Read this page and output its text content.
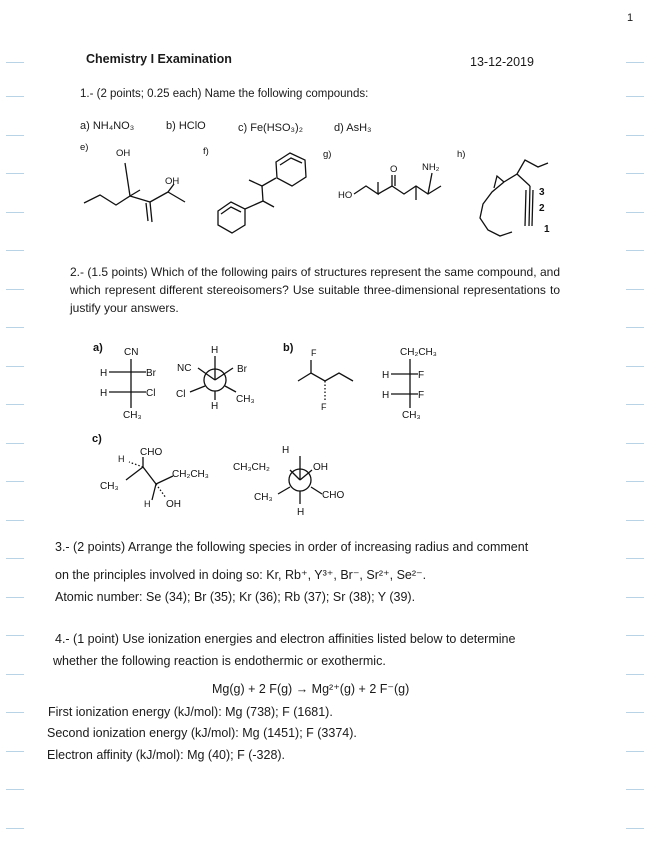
1
Chemistry I Examination	13-12-2019
1.- (2 points; 0.25 each) Name the following compounds:
a) NH₄NO₃	b) HClO	c) Fe(HSO₃)₂	d) AsH₃
e)
OH
OH
f)	g)
HO
O	NH₂
h)
3
2
1
2.- (1.5 points) Which of the following pairs of structures represent the same compound, and which represent different stereoisomers? Use suitable three-dimensional representations to justify your answers.
a) CN
H	Br
H	Cl
CH₃
NC
H
Br
Cl	CH₃
H
b) F
F
CH₂CH₃
H	F
H	F
CH₃
c)
CHO
H
CH₂CH₃
CH₃
H OH
H
CH₃CH₂	OH
CH₃	CHO
H
3.- (2 points) Arrange the following species in order of increasing radius and comment
on the principles involved in doing so: Kr, Rb⁺, Y³⁺, Br⁻, Sr²⁺, Se²⁻.
Atomic number: Se (34); Br (35); Kr (36); Rb (37); Sr (38); Y (39).
4.- (1 point) Use ionization energies and electron affinities listed below to determine
whether the following reaction is endothermic or exothermic.
Mg(g) + 2 F(g) → Mg²⁺(g) + 2 F⁻(g)
First ionization energy (kJ/mol): Mg (738); F (1681).
Second ionization energy (kJ/mol): Mg (1451); F (3374).
Electron affinity (kJ/mol): Mg (40); F (-328).
